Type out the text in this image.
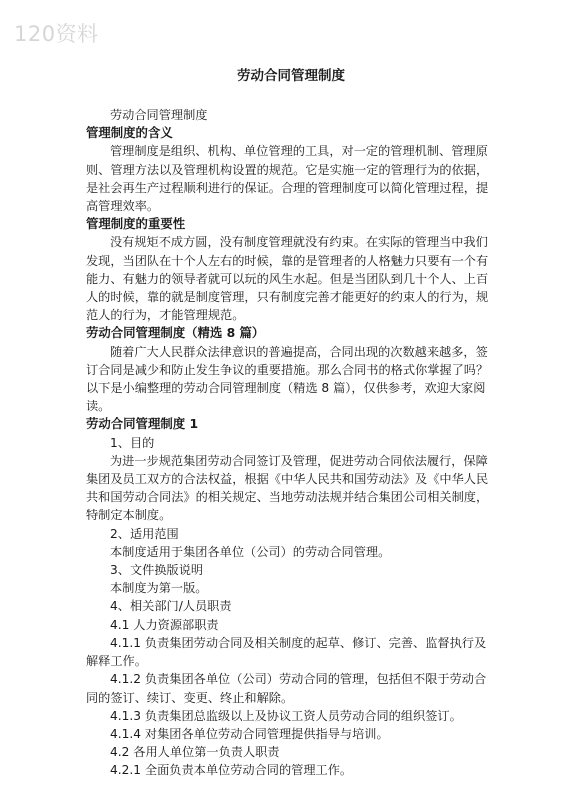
120资料
劳动合同管理制度
劳动合同管理制度
管理制度的含义
管理制度是组织、机构、单位管理的工具，对一定的管理机制、管理原则、管理方法以及管理机构设置的规范。它是实施一定的管理行为的依据，是社会再生产过程顺利进行的保证。合理的管理制度可以简化管理过程，提高管理效率。
管理制度的重要性
没有规矩不成方圆，没有制度管理就没有约束。在实际的管理当中我们发现，当团队在十个人左右的时候，靠的是管理者的人格魅力只要有一个有能力、有魅力的领导者就可以玩的风生水起。但是当团队到几十个人、上百人的时候，靠的就是制度管理，只有制度完善才能更好的约束人的行为，规范人的行为，才能管理规范。
劳动合同管理制度（精选 8 篇）
随着广大人民群众法律意识的普遍提高，合同出现的次数越来越多，签订合同是减少和防止发生争议的重要措施。那么合同书的格式你掌握了吗？以下是小编整理的劳动合同管理制度（精选 8 篇），仅供参考，欢迎大家阅读。
劳动合同管理制度 1
1、目的
为进一步规范集团劳动合同签订及管理，促进劳动合同依法履行，保障集团及员工双方的合法权益，根据《中华人民共和国劳动法》及《中华人民共和国劳动合同法》的相关规定、当地劳动法规并结合集团公司相关制度，特制定本制度。
2、适用范围
本制度适用于集团各单位（公司）的劳动合同管理。
3、文件换版说明
本制度为第一版。
4、相关部门/人员职责
4.1 人力资源部职责
4.1.1 负责集团劳动合同及相关制度的起草、修订、完善、监督执行及解释工作。
4.1.2 负责集团各单位（公司）劳动合同的管理，包括但不限于劳动合同的签订、续订、变更、终止和解除。
4.1.3 负责集团总监级以上及协议工资人员劳动合同的组织签订。
4.1.4 对集团各单位劳动合同管理提供指导与培训。
4.2 各用人单位第一负责人职责
4.2.1 全面负责本单位劳动合同的管理工作。
